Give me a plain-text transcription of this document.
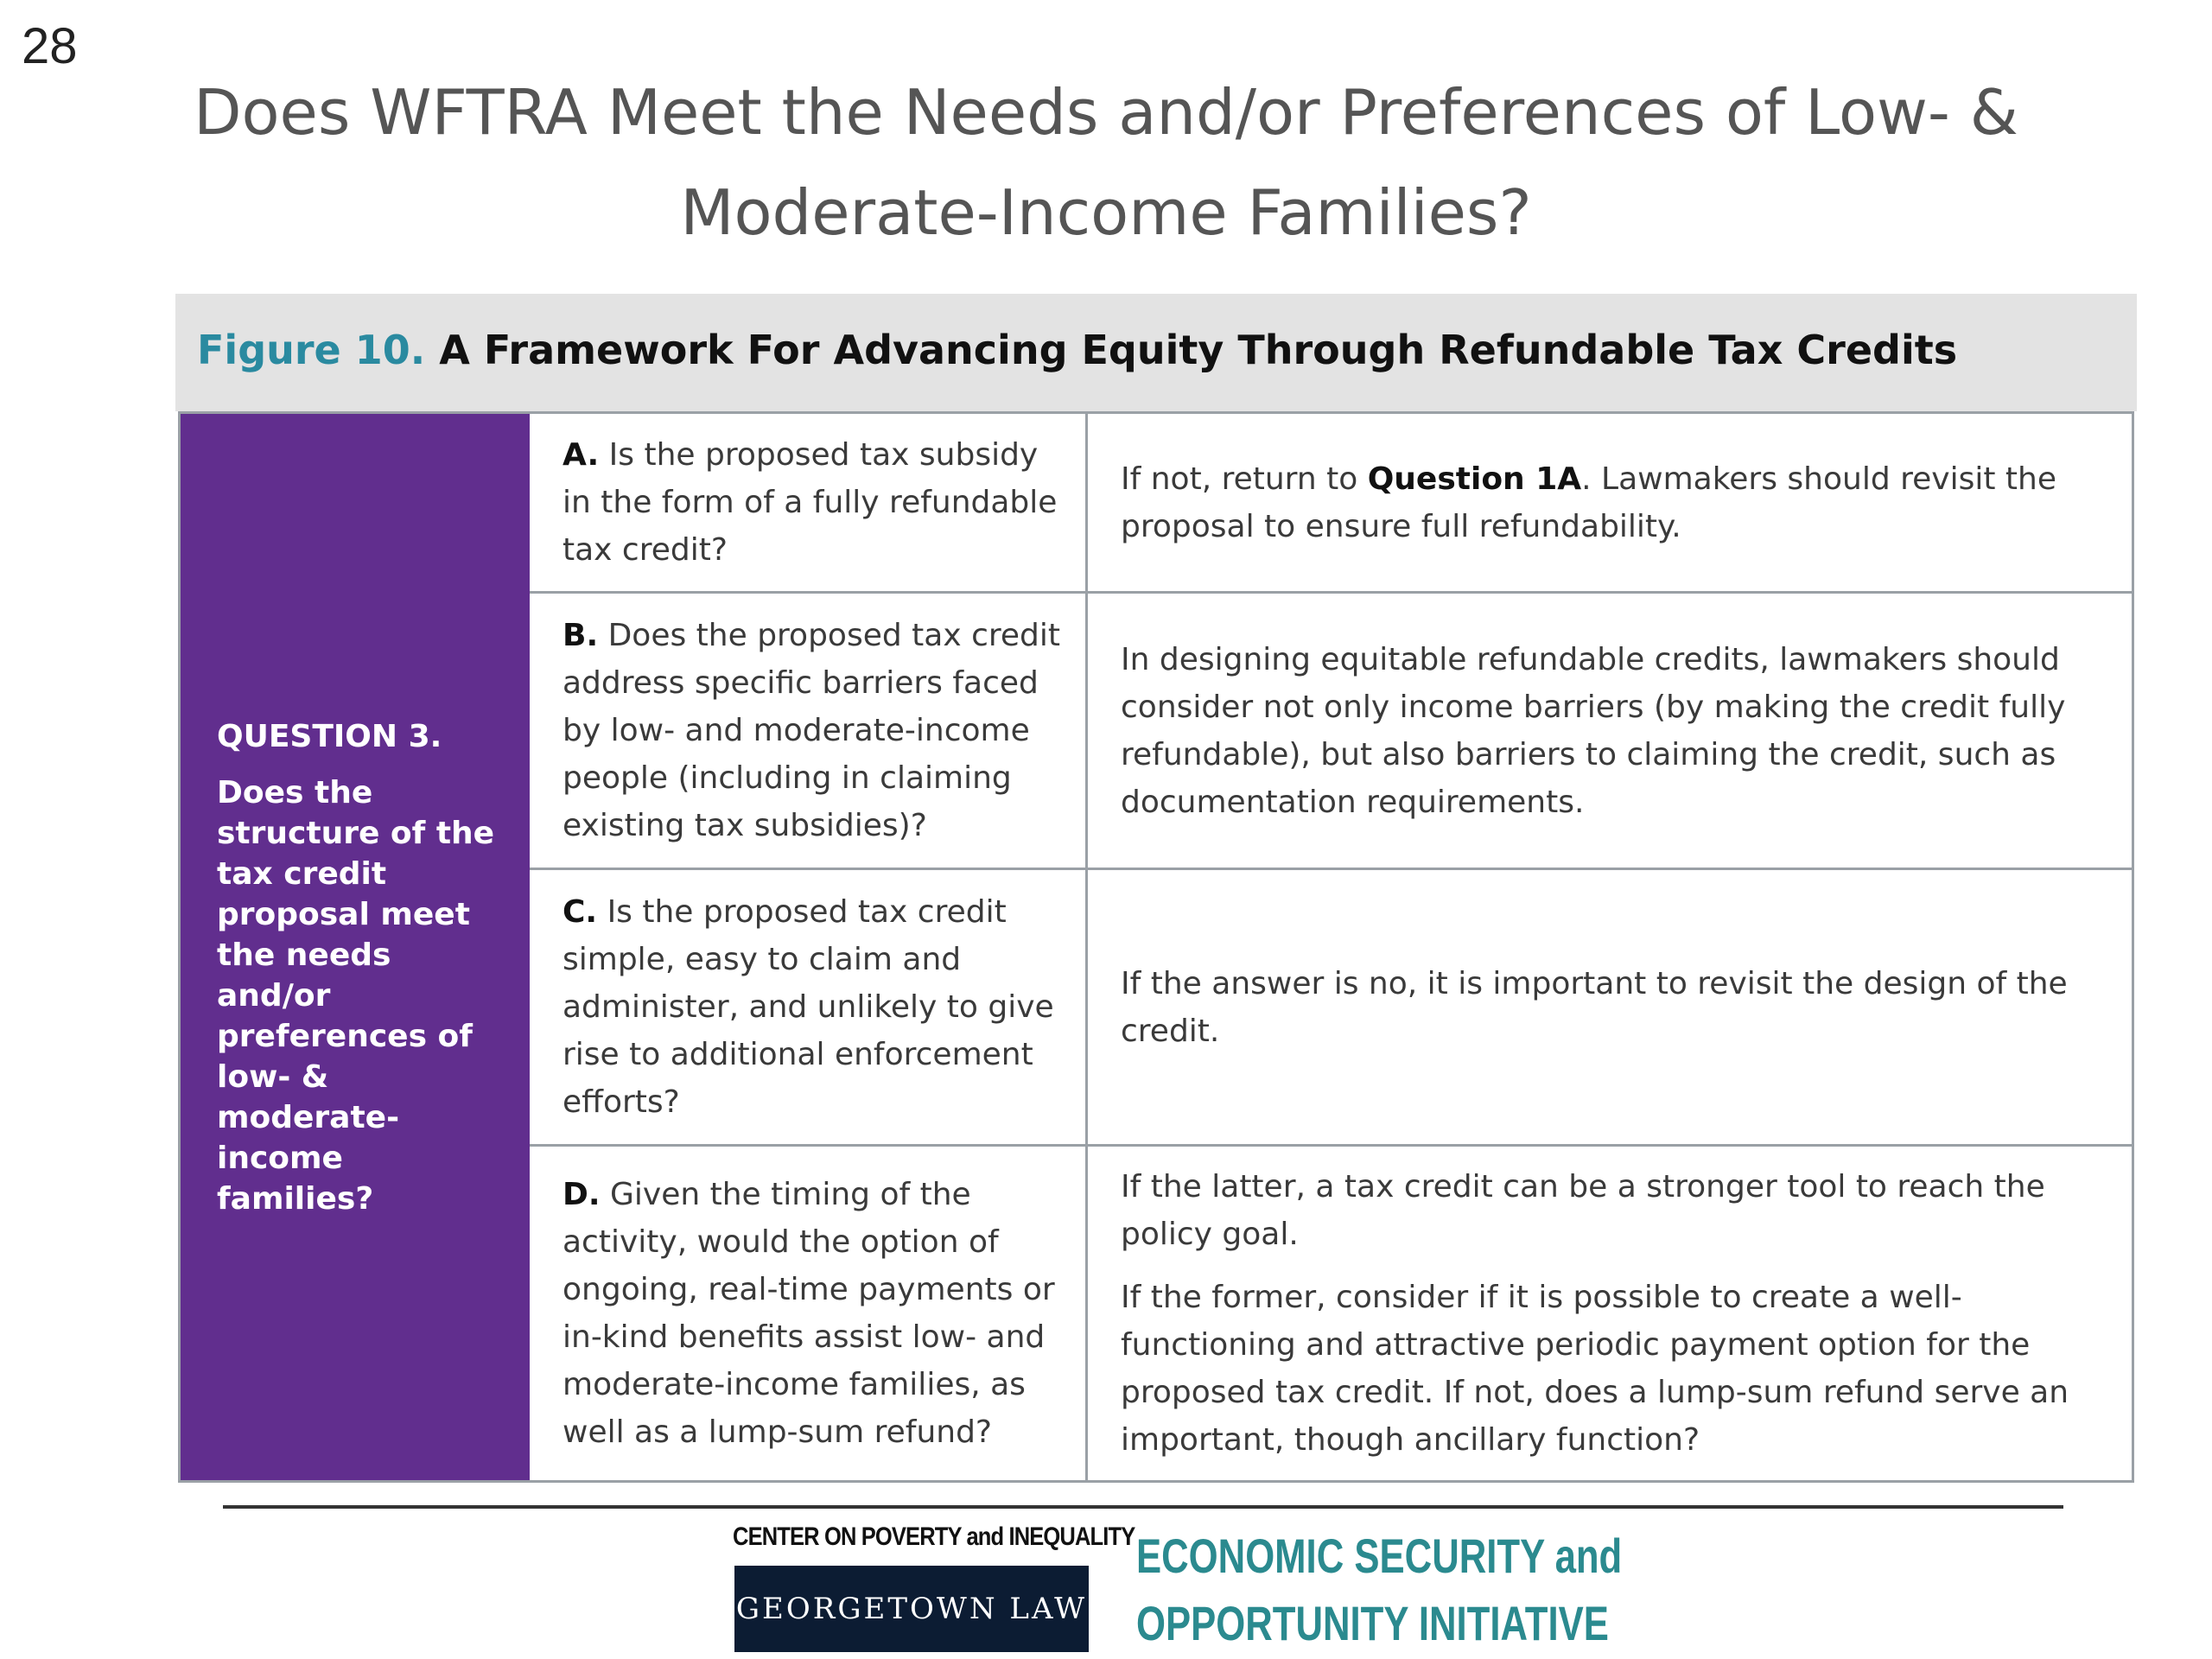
28
Does WFTRA Meet the Needs and/or Preferences of Low- & Moderate-Income Families?
Figure 10. A Framework For Advancing Equity Through Refundable Tax Credits
QUESTION 3.
Does the structure of the tax credit proposal meet the needs and/or preferences of low- & moderate-income families?
A. Is the proposed tax subsidy in the form of a fully refundable tax credit?
If not, return to Question 1A. Lawmakers should revisit the proposal to ensure full refundability.
B. Does the proposed tax credit address specific barriers faced by low- and moderate-income people (including in claiming existing tax subsidies)?
In designing equitable refundable credits, lawmakers should consider not only income barriers (by making the credit fully refundable), but also barriers to claiming the credit, such as documentation requirements.
C. Is the proposed tax credit simple, easy to claim and administer, and unlikely to give rise to additional enforcement efforts?
If the answer is no, it is important to revisit the design of the credit.
D. Given the timing of the activity, would the option of ongoing, real-time payments or in-kind benefits assist low- and moderate-income families, as well as a lump-sum refund?

If the latter, a tax credit can be a stronger tool to reach the policy goal.

If the former, consider if it is possible to create a well-functioning and attractive periodic payment option for the proposed tax credit. If not, does a lump-sum refund serve an important, though ancillary function?

CENTER ON POVERTY and INEQUALITY
GEORGETOWN LAW
ECONOMIC SECURITY and
OPPORTUNITY INITIATIVE
